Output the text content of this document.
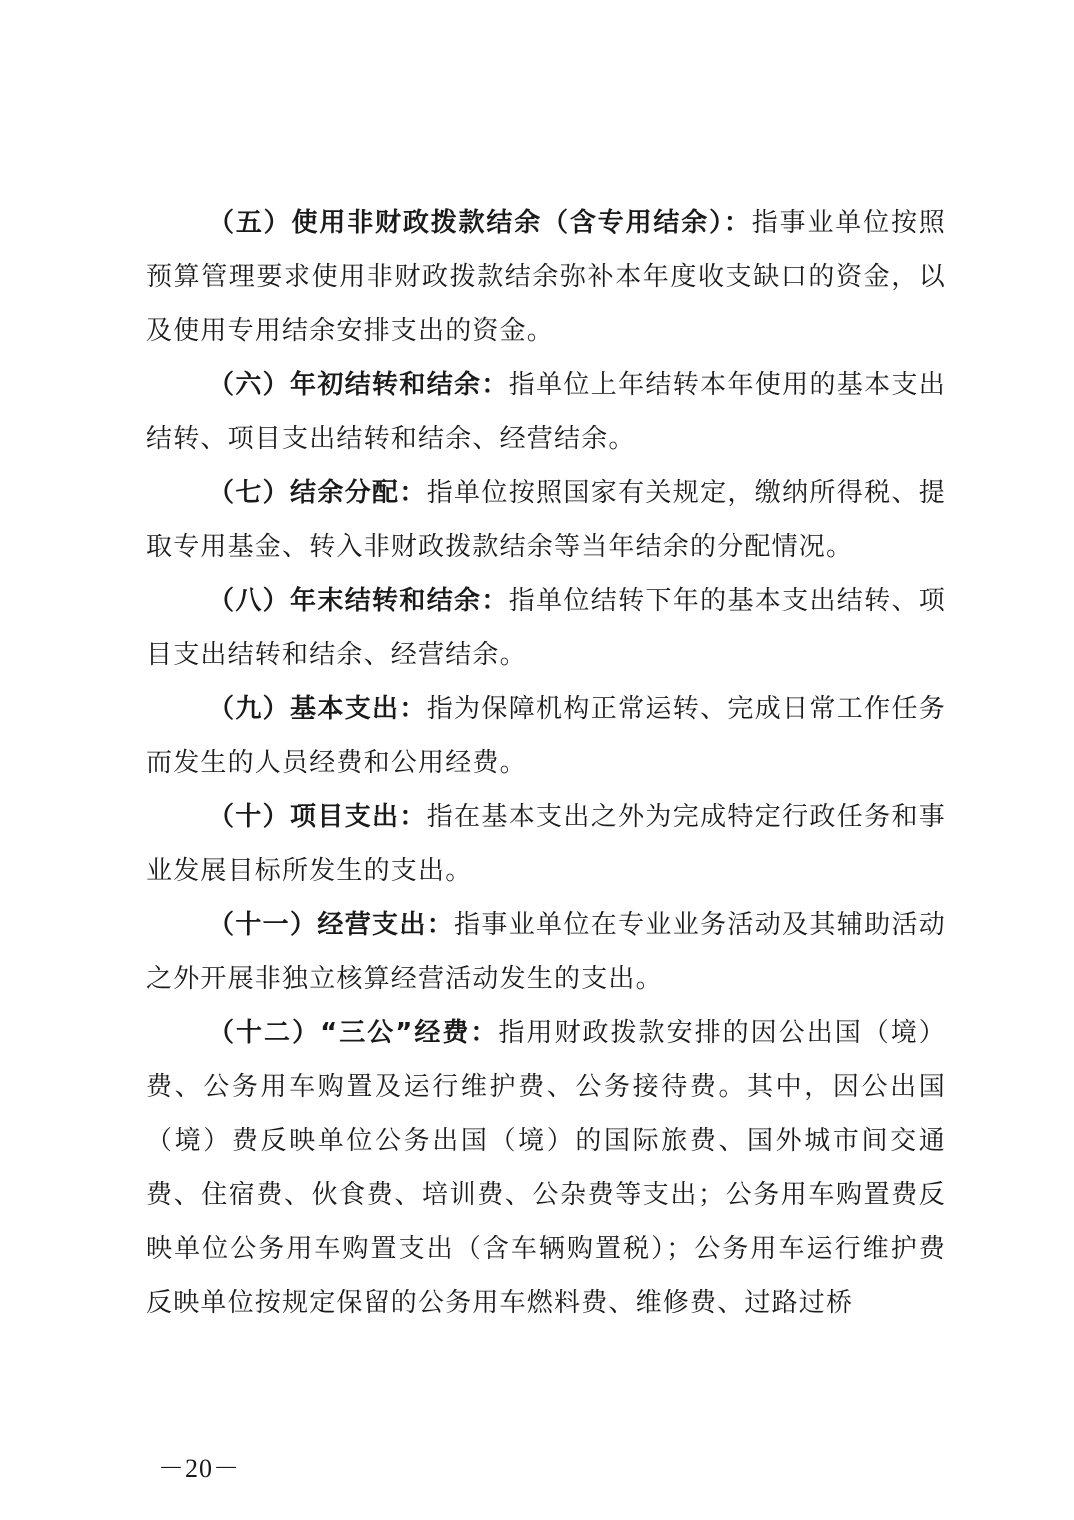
（五）使用非财政拨款结余（含专用结余）：指事业单位按照预算管理要求使用非财政拨款结余弥补本年度收支缺口的资金，以及使用专用结余安排支出的资金。

（六）年初结转和结余：指单位上年结转本年使用的基本支出结转、项目支出结转和结余、经营结余。

（七）结余分配：指单位按照国家有关规定，缴纳所得税、提取专用基金、转入非财政拨款结余等当年结余的分配情况。

（八）年末结转和结余：指单位结转下年的基本支出结转、项目支出结转和结余、经营结余。

（九）基本支出：指为保障机构正常运转、完成日常工作任务而发生的人员经费和公用经费。

（十）项目支出：指在基本支出之外为完成特定行政任务和事业发展目标所发生的支出。

（十一）经营支出：指事业单位在专业业务活动及其辅助活动之外开展非独立核算经营活动发生的支出。

（十二）“三公”经费：指用财政拨款安排的因公出国（境）费、公务用车购置及运行维护费、公务接待费。其中，因公出国（境）费反映单位公务出国（境）的国际旅费、国外城市间交通费、住宿费、伙食费、培训费、公杂费等支出；公务用车购置费反映单位公务用车购置支出（含车辆购置税）；公务用车运行维护费反映单位按规定保留的公务用车燃料费、维修费、过路过桥

－20－
